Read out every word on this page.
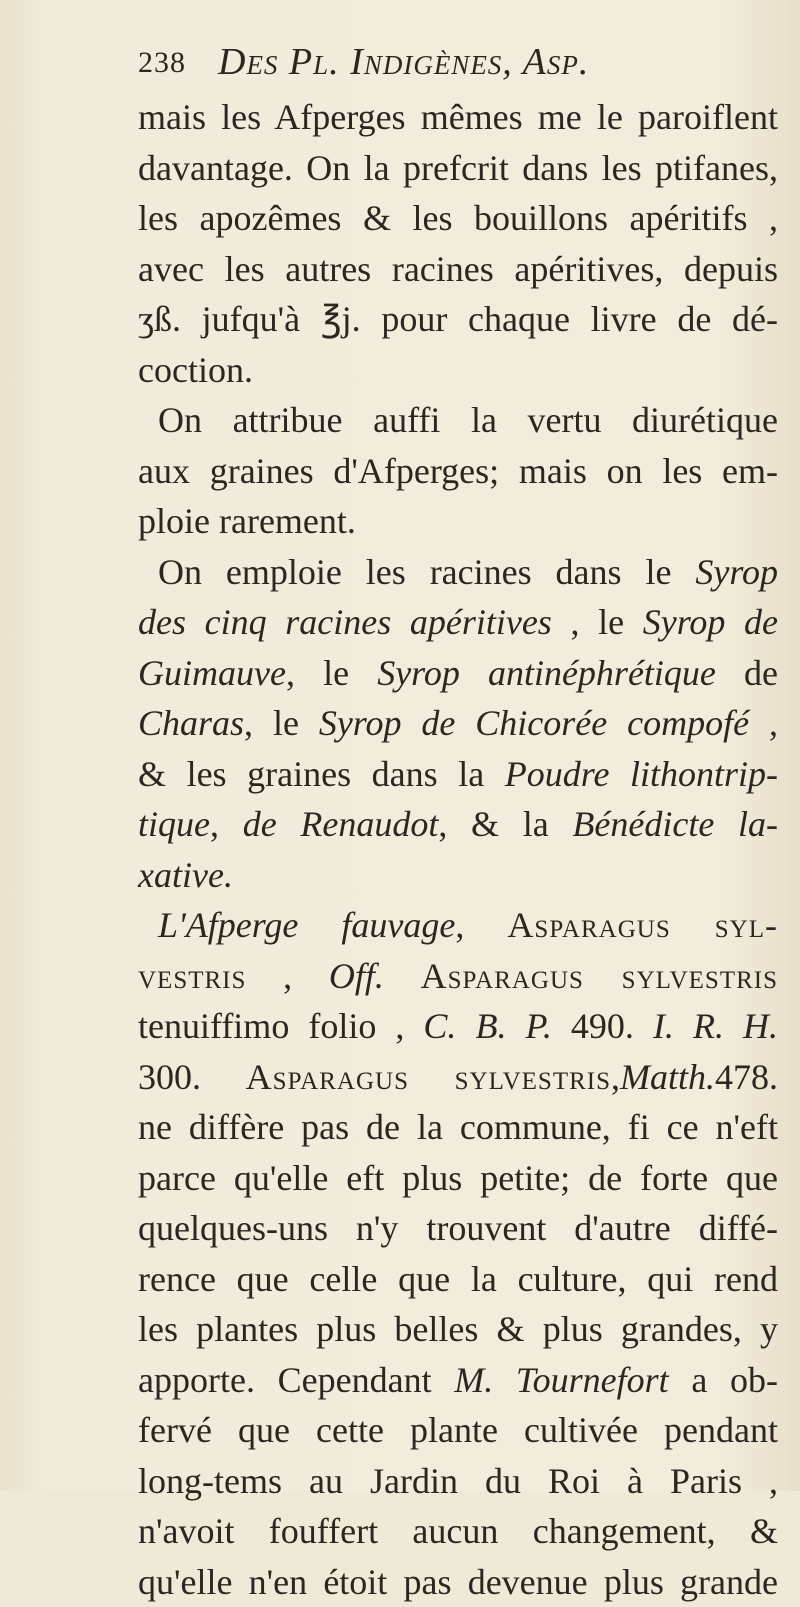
238 Des Pl. Indigènes, Asp.
mais les Afperges mêmes me le paroiflent
davantage. On la prefcrit dans les ptifanes,
les apozêmes & les bouillons apéritifs ,
avec les autres racines apéritives, depuis
ʒß. jufqu'à ℥j. pour chaque livre de dé-
coction.
On attribue auffi la vertu diurétique
aux graines d'Afperges; mais on les em-
ploie rarement.
On emploie les racines dans le Syrop
des cinq racines apéritives , le Syrop de
Guimauve, le Syrop antinéphrétique de
Charas, le Syrop de Chicorée compofé ,
& les graines dans la Poudre lithontrip-
tique, de Renaudot, & la Bénédicte la-
xative.
L'Afperge fauvage, Asparagus syl-
vestris , Off. Asparagus sylvestris
tenuiffimo folio , C. B. P. 490. I. R. H.
300. Asparagus sylvestris,Matth.478.
ne diffère pas de la commune, fi ce n'eft
parce qu'elle eft plus petite; de forte que
quelques-uns n'y trouvent d'autre diffé-
rence que celle que la culture, qui rend
les plantes plus belles & plus grandes, y
apporte. Cependant M. Tournefort a ob-
fervé que cette plante cultivée pendant
long-tems au Jardin du Roi à Paris ,
n'avoit fouffert aucun changement, &
qu'elle n'en étoit pas devenue plus grande
